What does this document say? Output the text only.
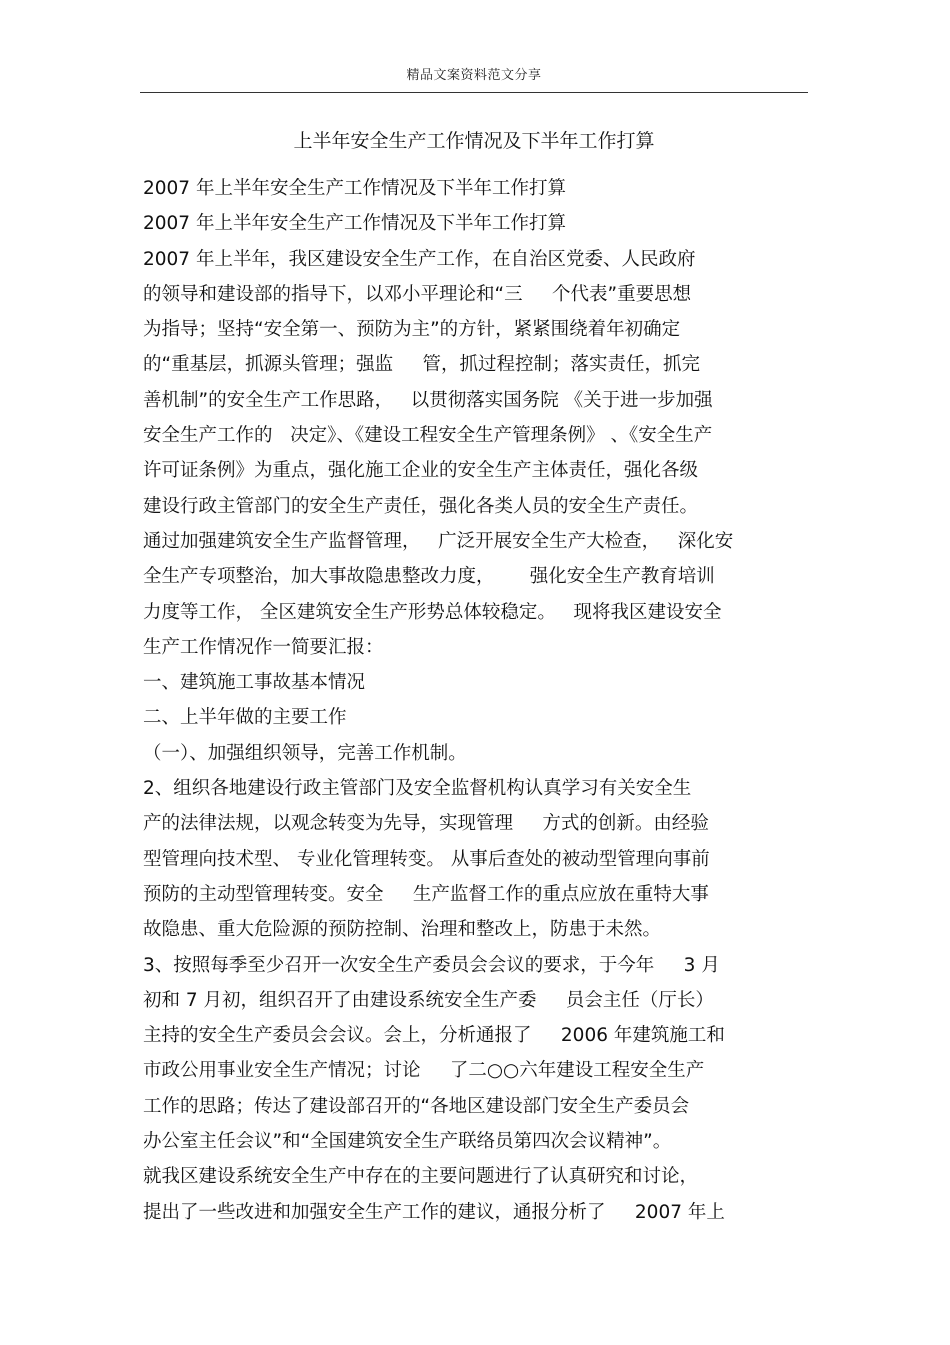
精品文案资料范文分享
上半年安全生产工作情况及下半年工作打算
2007 年上半年安全生产工作情况及下半年工作打算
2007 年上半年安全生产工作情况及下半年工作打算
2007 年上半年，我区建设安全生产工作，在自治区党委、人民政府
的领导和建设部的指导下，以邓小平理论和“三     个代表”重要思想
为指导；坚持“安全第一、预防为主”的方针，紧紧围绕着年初确定
的“重基层，抓源头管理；强监     管，抓过程控制；落实责任，抓完
善机制”的安全生产工作思路，   以贯彻落实国务院 《关于进一步加强
安全生产工作的   决定》、《建设工程安全生产管理条例》 、《安全生产
许可证条例》为重点，强化施工企业的安全生产主体责任，强化各级
建设行政主管部门的安全生产责任，强化各类人员的安全生产责任。
通过加强建筑安全生产监督管理，   广泛开展安全生产大检查，   深化安
全生产专项整治，加大事故隐患整改力度，      强化安全生产教育培训
力度等工作， 全区建筑安全生产形势总体较稳定。   现将我区建设安全
生产工作情况作一简要汇报：
一、建筑施工事故基本情况
二、上半年做的主要工作
（一）、加强组织领导，完善工作机制。
2、组织各地建设行政主管部门及安全监督机构认真学习有关安全生
产的法律法规，以观念转变为先导，实现管理     方式的创新。由经验
型管理向技术型、 专业化管理转变。 从事后查处的被动型管理向事前
预防的主动型管理转变。安全     生产监督工作的重点应放在重特大事
故隐患、重大危险源的预防控制、治理和整改上，防患于未然。
3、按照每季至少召开一次安全生产委员会会议的要求，于今年     3 月
初和 7 月初，组织召开了由建设系统安全生产委     员会主任（厅长）
主持的安全生产委员会会议。会上，分析通报了     2006 年建筑施工和
市政公用事业安全生产情况；讨论     了二○○六年建设工程安全生产
工作的思路；传达了建设部召开的“各地区建设部门安全生产委员会
办公室主任会议”和“全国建筑安全生产联络员第四次会议精神”。
就我区建设系统安全生产中存在的主要问题进行了认真研究和讨论，
提出了一些改进和加强安全生产工作的建议，通报分析了     2007 年上
